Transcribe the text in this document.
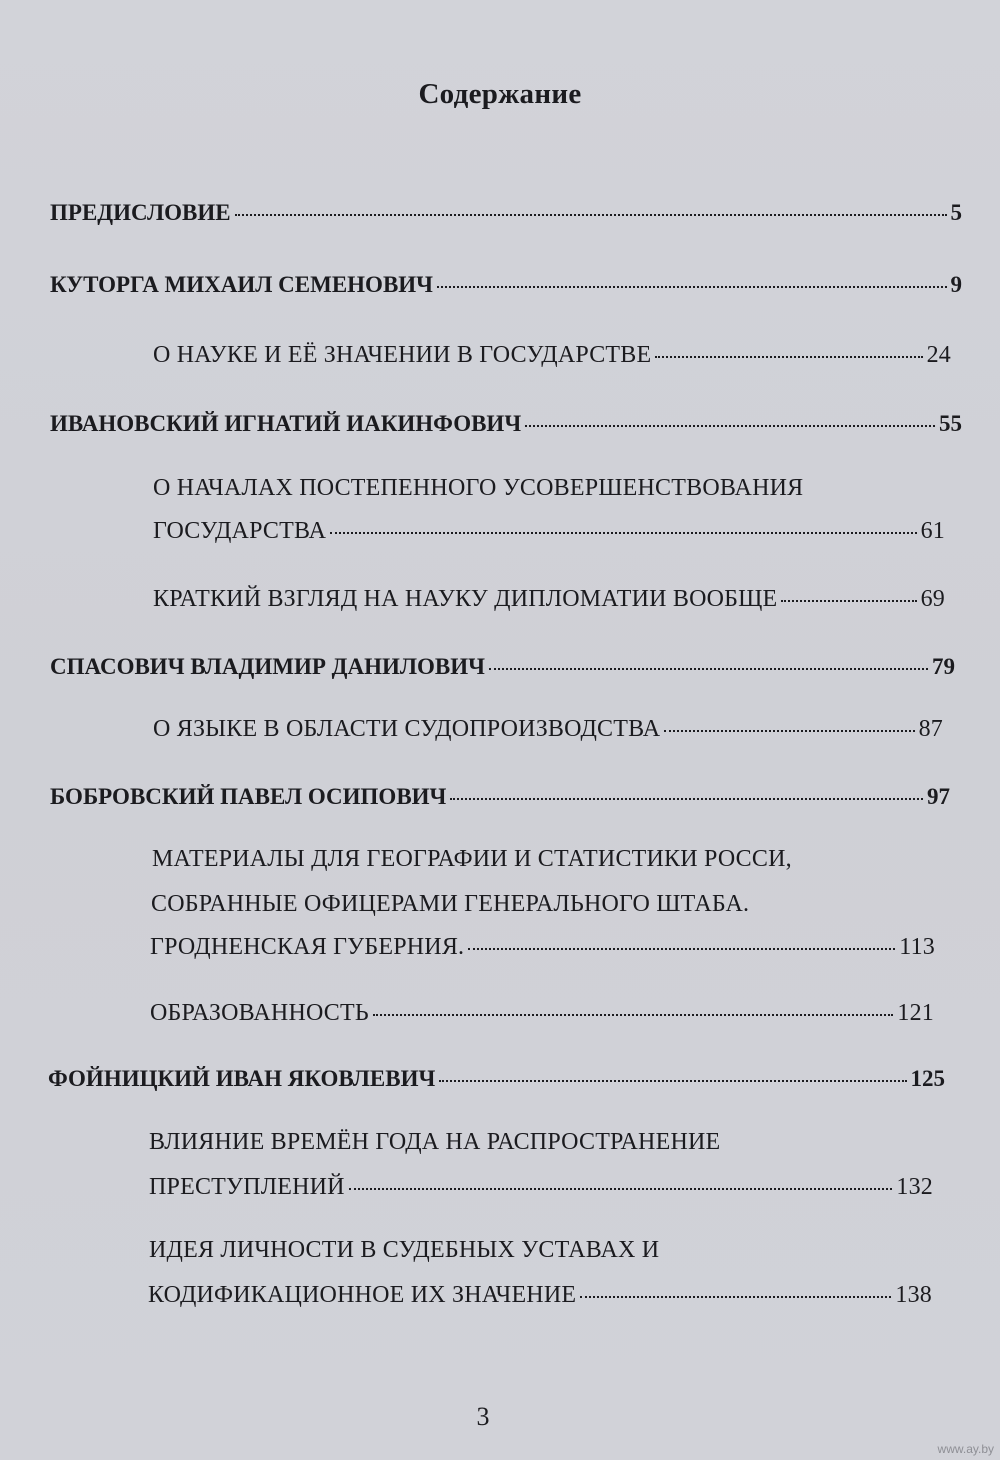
Содержание
ПРЕДИСЛОВИЕ	5
КУТОРГА МИХАИЛ СЕМЕНОВИЧ	9
О НАУКЕ И ЕЁ ЗНАЧЕНИИ В ГОСУДАРСТВЕ	24
ИВАНОВСКИЙ ИГНАТИЙ ИАКИНФОВИЧ	55
О НАЧАЛАХ ПОСТЕПЕННОГО УСОВЕРШЕНСТВОВАНИЯ
ГОСУДАРСТВА	61
КРАТКИЙ ВЗГЛЯД НА НАУКУ ДИПЛОМАТИИ ВООБЩЕ	69
СПАСОВИЧ ВЛАДИМИР ДАНИЛОВИЧ	79
О ЯЗЫКЕ В ОБЛАСТИ СУДОПРОИЗВОДСТВА	87
БОБРОВСКИЙ ПАВЕЛ ОСИПОВИЧ	97
МАТЕРИАЛЫ ДЛЯ ГЕОГРАФИИ И СТАТИСТИКИ РОССИ,
СОБРАННЫЕ ОФИЦЕРАМИ ГЕНЕРАЛЬНОГО ШТАБА.
ГРОДНЕНСКАЯ ГУБЕРНИЯ.	113
ОБРАЗОВАННОСТЬ	121
ФОЙНИЦКИЙ ИВАН ЯКОВЛЕВИЧ	125
ВЛИЯНИЕ ВРЕМЁН ГОДА НА РАСПРОСТРАНЕНИЕ
ПРЕСТУПЛЕНИЙ	132
ИДЕЯ ЛИЧНОСТИ В СУДЕБНЫХ УСТАВАХ И
КОДИФИКАЦИОННОЕ ИХ ЗНАЧЕНИЕ	138
3
www.ay.by
